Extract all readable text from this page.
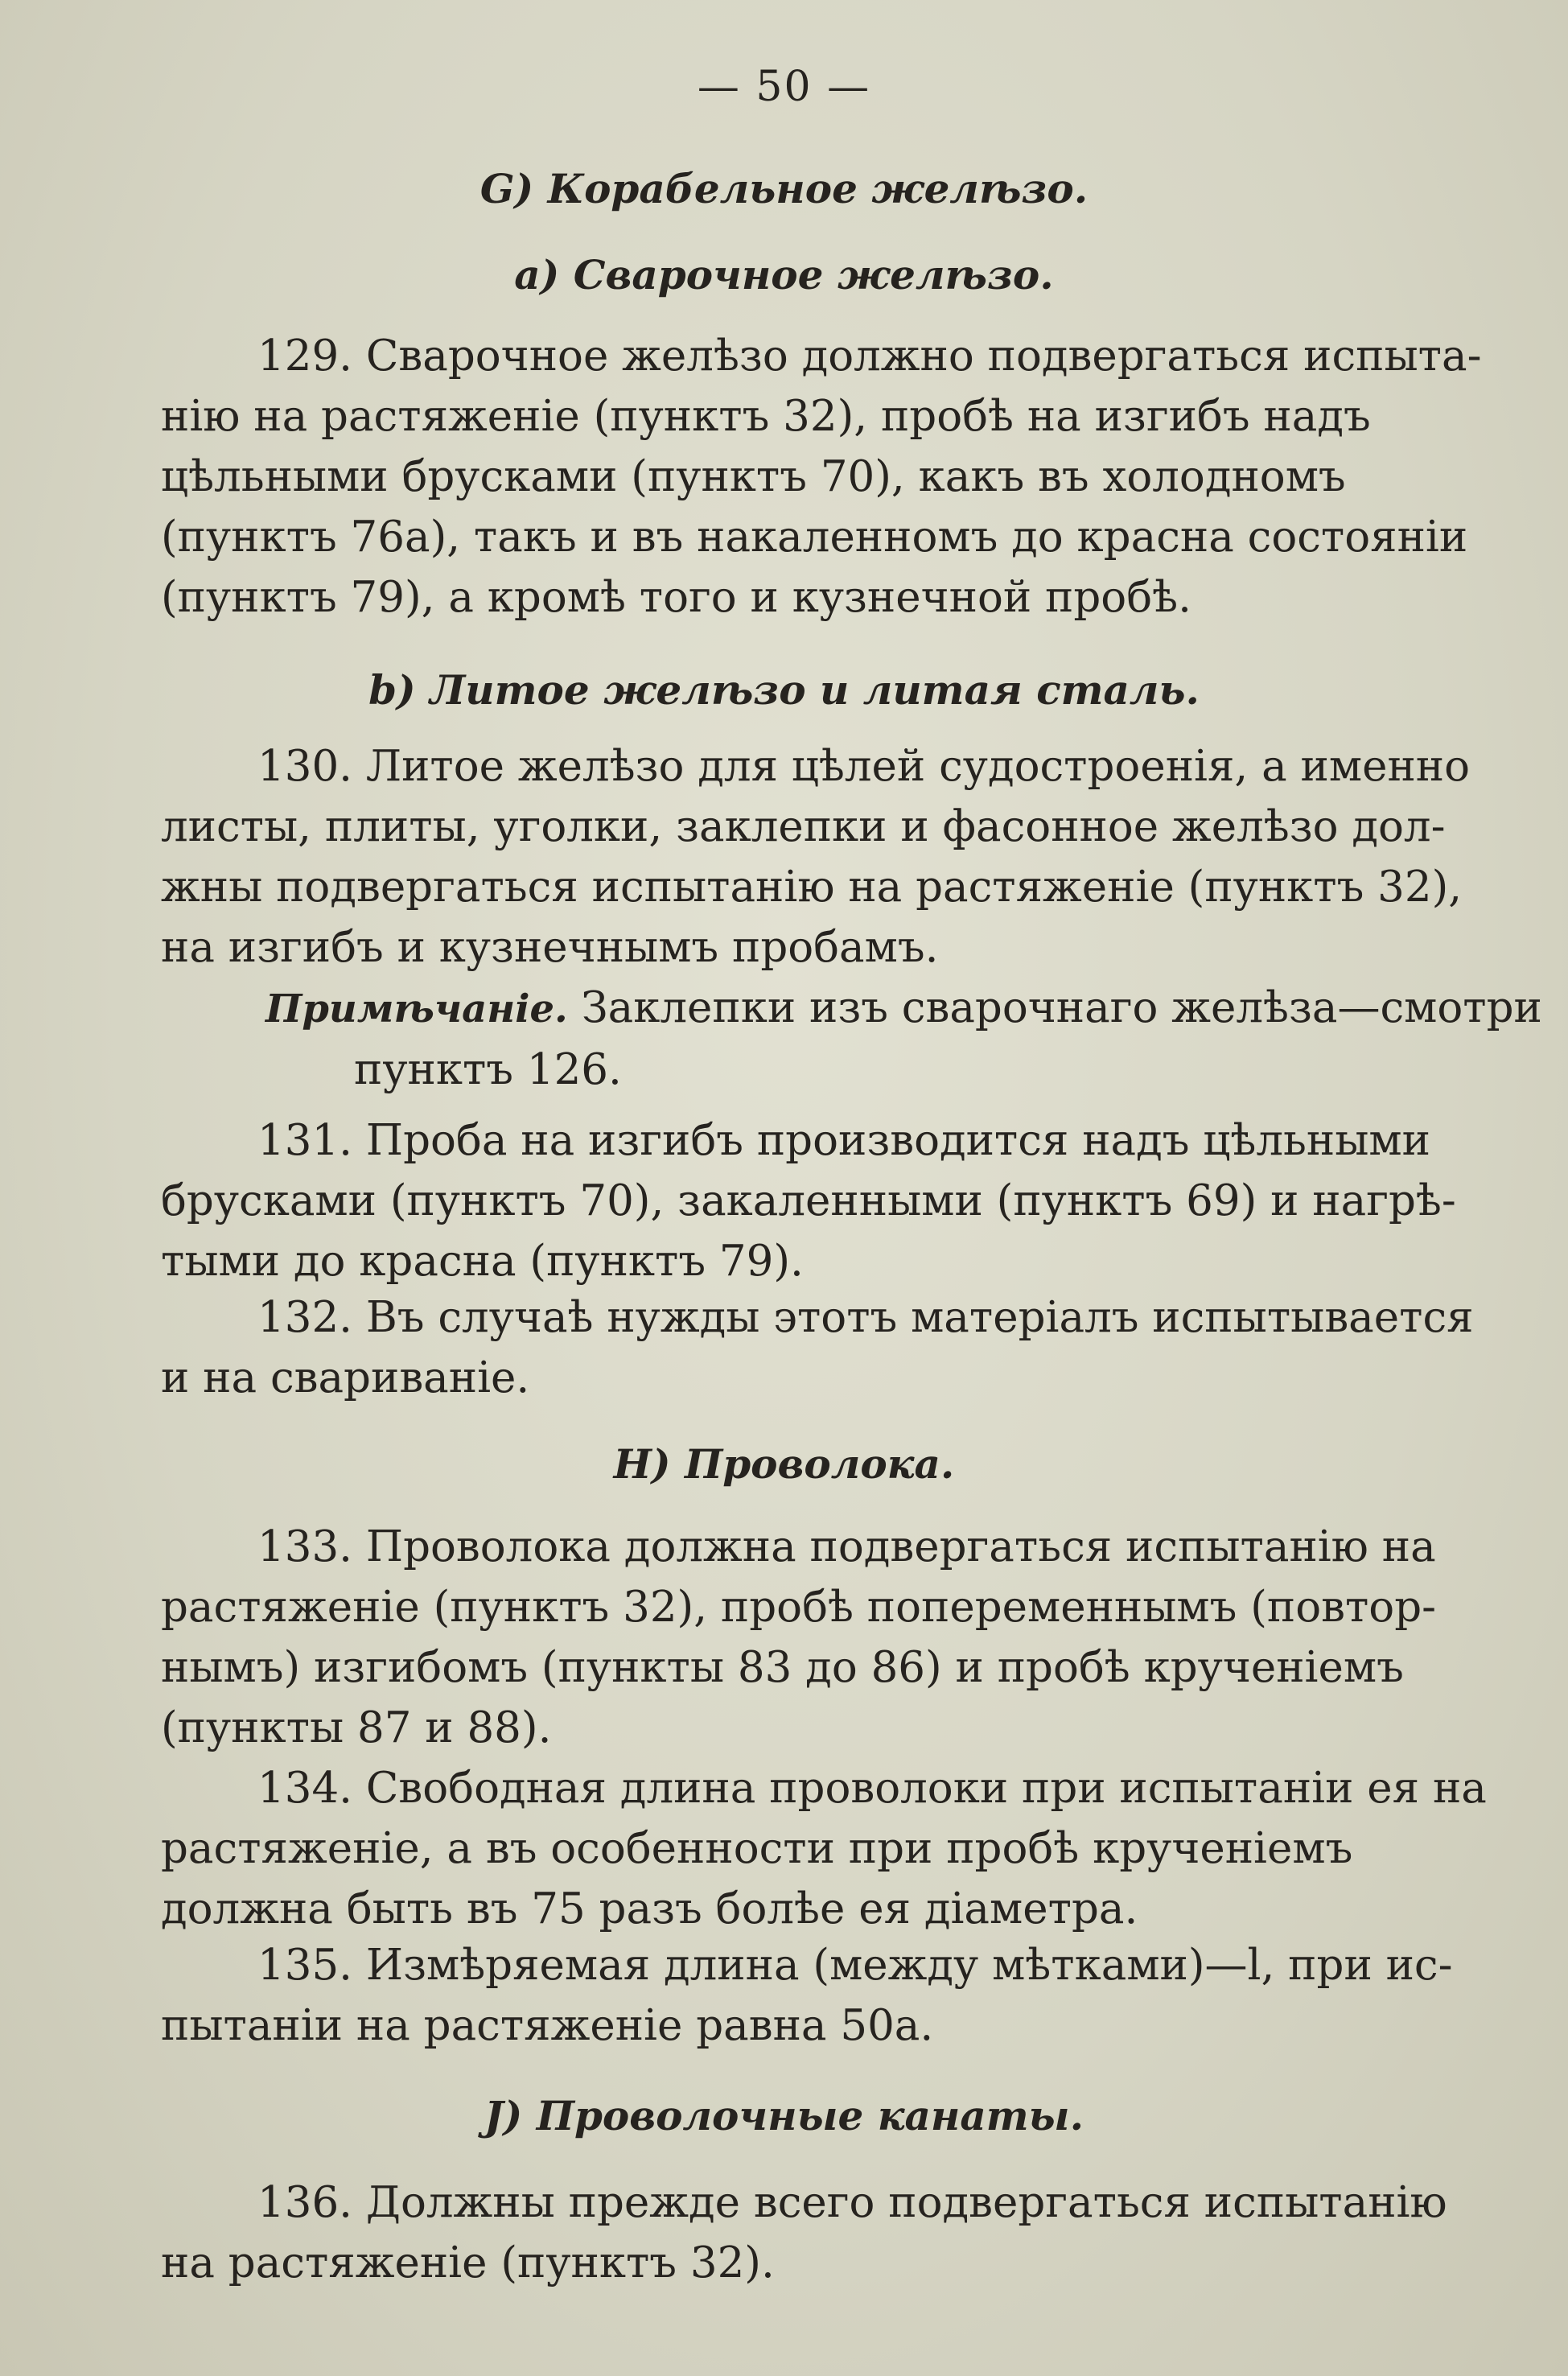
— 50 —
G) Корабельное желѣзо.
a) Сварочное желѣзо.
129. Сварочное желѣзо должно подвергаться испыта-
нію на растяженіе (пунктъ 32), пробѣ на изгибъ надъ
цѣльными брусками (пунктъ 70), какъ въ холодномъ
(пунктъ 76a), такъ и въ накаленномъ до красна состояніи
(пунктъ 79), а кромѣ того и кузнечной пробѣ.
b) Литое желѣзо и литая сталь.
130. Литое желѣзо для цѣлей судостроенія, а именно
листы, плиты, уголки, заклепки и фасонное желѣзо дол-
жны подвергаться испытанію на растяженіе (пунктъ 32),
на изгибъ и кузнечнымъ пробамъ.
Примѣчаніе. Заклепки изъ сварочнаго желѣза—смотри
пунктъ 126.
131. Проба на изгибъ производится надъ цѣльными
брусками (пунктъ 70), закаленными (пунктъ 69) и нагрѣ-
тыми до красна (пунктъ 79).
132. Въ случаѣ нужды этотъ матеріалъ испытывается
и на свариваніе.
H) Проволока.
133. Проволока должна подвергаться испытанію на
растяженіе (пунктъ 32), пробѣ попеременнымъ (повтор-
нымъ) изгибомъ (пункты 83 до 86) и пробѣ крученіемъ
(пункты 87 и 88).
134. Свободная длина проволоки при испытаніи ея на
растяженіе, а въ особенности при пробѣ крученіемъ
должна быть въ 75 разъ болѣе ея діаметра.
135. Измѣряемая длина (между мѣтками)—l, при ис-
пытаніи на растяженіе равна 50a.
J) Проволочные канаты.
136. Должны прежде всего подвергаться испытанію
на растяженіе (пунктъ 32).
